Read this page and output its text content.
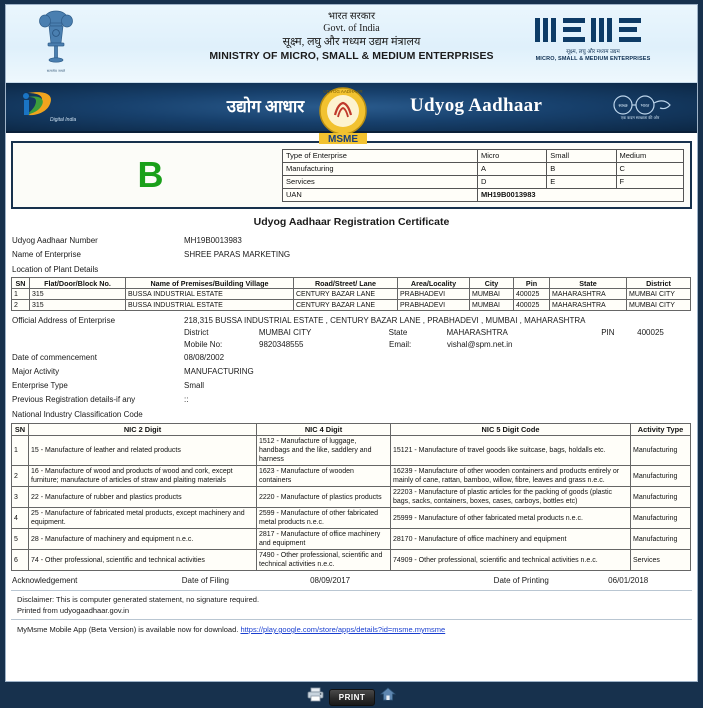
सत्यमेव जयते
भारत सरकार
Govt. of India
सूक्ष्म, लघु और मध्यम उद्यम मंत्रालय
MINISTRY OF MICRO, SMALL & MEDIUM ENTERPRISES	सूक्ष्म, लघु और मध्यम उद्यम
MICRO, SMALL & MEDIUM ENTERPRISES
Digital India
उद्योग आधार
UDYOG AADHAAR
MSME
Udyog Aadhaar	स्वच्छ	भारत
एक कदम स्वच्छता की ओर
B	Type of Enterprise	Micro	Small	Medium
Manufacturing	A	B	C
Services	D	E	F
UAN	MH19B0013983		
Udyog Aadhaar Registration Certificate
Udyog Aadhaar Number	MH19B0013983
Name of Enterprise	SHREE PARAS MARKETING
Location of Plant Details
SN	Flat/Door/Block No.	Name of Premises/Building Village	Road/Street/ Lane	Area/Locality	City	Pin	State	District
1	315	BUSSA INDUSTRIAL ESTATE	CENTURY BAZAR LANE	PRABHADEVI	MUMBAI	400025	MAHARASHTRA	MUMBAI CITY
2	315	BUSSA INDUSTRIAL ESTATE	CENTURY BAZAR LANE	PRABHADEVI	MUMBAI	400025	MAHARASHTRA	MUMBAI CITY
Official Address of Enterprise	218,315 BUSSA INDUSTRIAL ESTATE , CENTURY BAZAR LANE , PRABHADEVI , MUMBAI , MAHARASHTRA
District	MUMBAI CITY	State	MAHARASHTRA	PIN	400025
Mobile No:	9820348555	Email:	vishal@spm.net.in
Date of commencement	08/08/2002
Major Activity	MANUFACTURING
Enterprise Type	Small
Previous Registration details-if any	::
National Industry Classification Code
SN	NIC 2 Digit	NIC 4 Digit	NIC 5 Digit Code	Activity Type
1	15 - Manufacture of leather and related products	1512 - Manufacture of luggage, handbags and the like, saddlery and harness	15121 - Manufacture of travel goods like suitcase, bags, holdalls etc.	Manufacturing
2	16 - Manufacture of wood and products of wood and cork, except furniture; manufacture of articles of straw and plaiting materials	1623 - Manufacture of wooden containers	16239 - Manufacture of other wooden containers and products entirely or mainly of cane, rattan, bamboo, willow, fibre, leaves and grass n.e.c.	Manufacturing
3	22 - Manufacture of rubber and plastics products	2220 - Manufacture of plastics products	22203 - Manufacture of plastic articles for the packing of goods (plastic bags, sacks, containers, boxes, cases, carboys, bottles etc)	Manufacturing
4	25 - Manufacture of fabricated metal products, except machinery and equipment.	2599 - Manufacture of other fabricated metal products n.e.c.	25999 - Manufacture of other fabricated metal products n.e.c.	Manufacturing
5	28 - Manufacture of machinery and equipment n.e.c.	2817 - Manufacture of office machinery and equipment	28170 - Manufacture of office machinery and equipment	Manufacturing
6	74 - Other professional, scientific and technical activities	7490 - Other professional, scientific and technical activities n.e.c.	74909 - Other professional, scientific and technical activities n.e.c.	Services
Acknowledgement	Date of Filing	08/09/2017	Date of Printing	06/01/2018
Disclaimer: This is computer generated statement, no signature required.
Printed from udyogaadhaar.gov.in
MyMsme Mobile App (Beta Version) is available now for download. https://play.google.com/store/apps/details?id=msme.mymsme
PRINT
